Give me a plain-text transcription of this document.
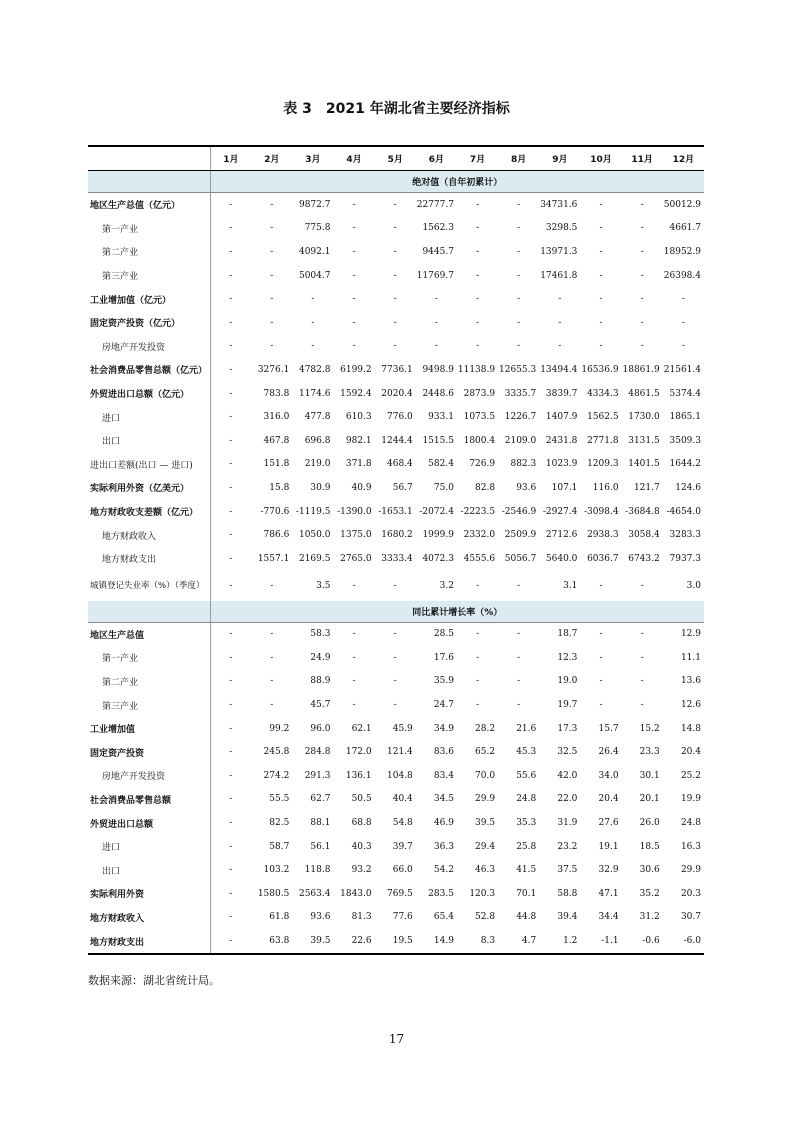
表 3　2021 年湖北省主要经济指标
	1月	2月	3月	4月	5月	6月	7月	8月	9月	10月	11月	12月
	绝对值（自年初累计）											
地区生产总值（亿元）	-	-	9872.7	-	-	22777.7	-	-	34731.6	-	-	50012.9
第一产业	-	-	775.8	-	-	1562.3	-	-	3298.5	-	-	4661.7
第二产业	-	-	4092.1	-	-	9445.7	-	-	13971.3	-	-	18952.9
第三产业	-	-	5004.7	-	-	11769.7	-	-	17461.8	-	-	26398.4
工业增加值（亿元）	-	-	-	-	-	-	-	-	-	-	-	-
固定资产投资（亿元）	-	-	-	-	-	-	-	-	-	-	-	-
房地产开发投资	-	-	-	-	-	-	-	-	-	-	-	-
社会消费品零售总额（亿元）	-	3276.1	4782.8	6199.2	7736.1	9498.9	11138.9	12655.3	13494.4	16536.9	18861.9	21561.4
外贸进出口总额（亿元）	-	783.8	1174.6	1592.4	2020.4	2448.6	2873.9	3335.7	3839.7	4334.3	4861.5	5374.4
进口	-	316.0	477.8	610.3	776.0	933.1	1073.5	1226.7	1407.9	1562.5	1730.0	1865.1
出口	-	467.8	696.8	982.1	1244.4	1515.5	1800.4	2109.0	2431.8	2771.8	3131.5	3509.3
进出口差额(出口 — 进口)	-	151.8	219.0	371.8	468.4	582.4	726.9	882.3	1023.9	1209.3	1401.5	1644.2
实际利用外资（亿美元）	-	15.8	30.9	40.9	56.7	75.0	82.8	93.6	107.1	116.0	121.7	124.6
地方财政收支差额（亿元）	-	-770.6	-1119.5	-1390.0	-1653.1	-2072.4	-2223.5	-2546.9	-2927.4	-3098.4	-3684.8	-4654.0
地方财政收入	-	786.6	1050.0	1375.0	1680.2	1999.9	2332.0	2509.9	2712.6	2938.3	3058.4	3283.3
地方财政支出	-	1557.1	2169.5	2765.0	3333.4	4072.3	4555.6	5056.7	5640.0	6036.7	6743.2	7937.3
城镇登记失业率（%）（季度）	-	-	3.5	-	-	3.2	-	-	3.1	-	-	3.0
	同比累计增长率（%）											
地区生产总值	-	-	58.3	-	-	28.5	-	-	18.7	-	-	12.9
第一产业	-	-	24.9	-	-	17.6	-	-	12.3	-	-	11.1
第二产业	-	-	88.9	-	-	35.9	-	-	19.0	-	-	13.6
第三产业	-	-	45.7	-	-	24.7	-	-	19.7	-	-	12.6
工业增加值	-	99.2	96.0	62.1	45.9	34.9	28.2	21.6	17.3	15.7	15.2	14.8
固定资产投资	-	245.8	284.8	172.0	121.4	83.6	65.2	45.3	32.5	26.4	23.3	20.4
房地产开发投资	-	274.2	291.3	136.1	104.8	83.4	70.0	55.6	42.0	34.0	30.1	25.2
社会消费品零售总额	-	55.5	62.7	50.5	40.4	34.5	29.9	24.8	22.0	20.4	20.1	19.9
外贸进出口总额	-	82.5	88.1	68.8	54.8	46.9	39.5	35.3	31.9	27.6	26.0	24.8
进口	-	58.7	56.1	40.3	39.7	36.3	29.4	25.8	23.2	19.1	18.5	16.3
出口	-	103.2	118.8	93.2	66.0	54.2	46.3	41.5	37.5	32.9	30.6	29.9
实际利用外资	-	1580.5	2563.4	1843.0	769.5	283.5	120.3	70.1	58.8	47.1	35.2	20.3
地方财政收入	-	61.8	93.6	81.3	77.6	65.4	52.8	44.8	39.4	34.4	31.2	30.7
地方财政支出	-	63.8	39.5	22.6	19.5	14.9	8.3	4.7	1.2	-1.1	-0.6	-6.0
数据来源：湖北省统计局。
17
